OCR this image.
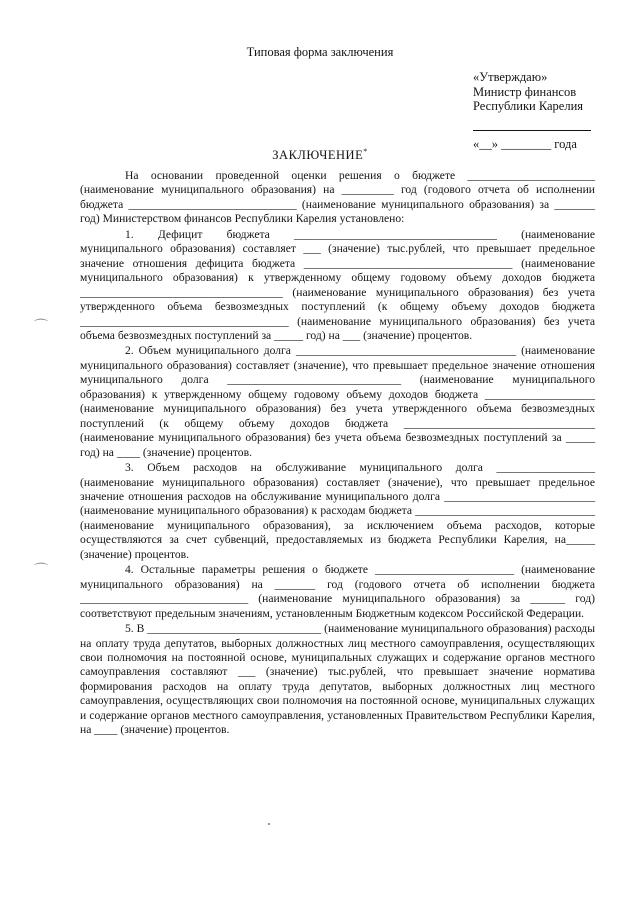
Типовая форма заключения
«Утверждаю»
Министр финансов
Республики Карелия
«__» ________ года
ЗАКЛЮЧЕНИЕ*

На основании проведенной оценки решения о бюджете ______________________ (наименование муниципального образования) на _________ год (годового отчета об исполнении бюджета _____________________________ (наименование муниципального образования) за _______ год) Министерством финансов Республики Карелия установлено:

1. Дефицит бюджета ___________________________________ (наименование муниципального образования) составляет ___ (значение) тыс.рублей, что превышает предельное значение отношения дефицита бюджета ____________________________________ (наименование муниципального образования) к утвержденному общему годовому объему доходов бюджета ___________________________________ (наименование муниципального образования) без учета утвержденного объема безвозмездных поступлений (к общему объему доходов бюджета ____________________________________ (наименование муниципального образования) без учета объема безвозмездных поступлений за _____ год) на ___ (значение) процентов.

2. Объем муниципального долга ______________________________________ (наименование муниципального образования) составляет (значение), что превышает предельное значение отношения муниципального долга ______________________________ (наименование муниципального образования) к утвержденному общему годовому объему доходов бюджета ___________________ (наименование муниципального образования) без учета утвержденного объема безвозмездных поступлений (к общему объему доходов бюджета _________________________________ (наименование муниципального образования) без учета объема безвозмездных поступлений за _____ год) на ____ (значение) процентов.

3. Объем расходов на обслуживание муниципального долга _________________ (наименование муниципального образования) составляет (значение), что превышает предельное значение отношения расходов на обслуживание муниципального долга __________________________ (наименование муниципального образования) к расходам бюджета _______________________________ (наименование муниципального образования), за исключением объема расходов, которые осуществляются за счет субвенций, предоставляемых из бюджета Республики Карелия, на_____ (значение) процентов.

4. Остальные параметры решения о бюджете ________________________ (наименование муниципального образования) на _______ год (годового отчета об исполнении бюджета _____________________________ (наименование муниципального образования) за ______ год) соответствуют предельным значениям, установленным Бюджетным кодексом Российской Федерации.

5. В ______________________________ (наименование муниципального образования) расходы на оплату труда депутатов, выборных должностных лиц местного самоуправления, осуществляющих свои полномочия на постоянной основе, муниципальных служащих и содержание органов местного самоуправления составляют ___ (значение) тыс.рублей, что превышает значение норматива формирования расходов на оплату труда депутатов, выборных должностных лиц местного самоуправления, осуществляющих свои полномочия на постоянной основе, муниципальных служащих и содержание органов местного самоуправления, установленных Правительством Республики Карелия, на ____ (значение) процентов.

⌒
⌒
